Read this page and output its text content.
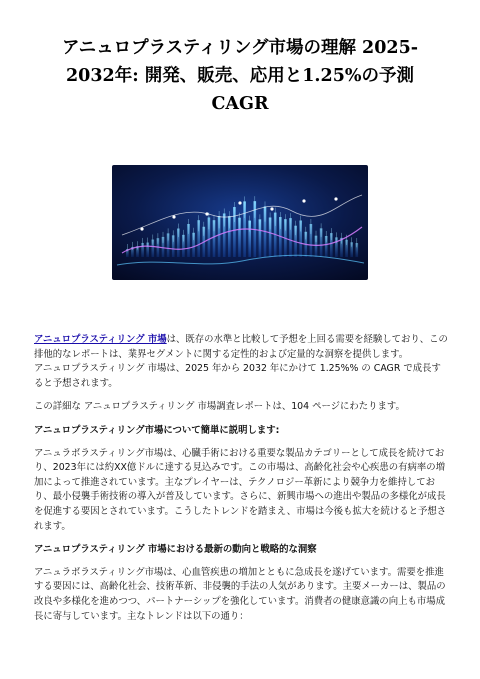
アニュロプラスティリング市場の理解 2025-2032年: 開発、販売、応用と1.25%の予測 CAGR

アニュロプラスティリング 市場は、既存の水準と比較して予想を上回る需要を経験しており、この排他的なレポートは、業界セグメントに関する定性的および定量的な洞察を提供します。
アニュロプラスティリング 市場は、2025 年から 2032 年にかけて 1.25%% の CAGR で成長すると予想されます。

この詳細な アニュロプラスティリング 市場調査レポートは、104 ページにわたります。

アニュロプラスティリング市場について簡単に説明します:

アニュラボラスティリング市場は、心臓手術における重要な製品カテゴリーとして成長を続けており、2023年には約XX億ドルに達する見込みです。この市場は、高齢化社会や心疾患の有病率の増加によって推進されています。主なプレイヤーは、テクノロジー革新により競争力を維持しており、最小侵襲手術技術の導入が普及しています。さらに、新興市場への進出や製品の多様化が成長を促進する要因とされています。こうしたトレンドを踏まえ、市場は今後も拡大を続けると予想されます。

アニュロプラスティリング 市場における最新の動向と戦略的な洞察

アニュラボラスティリング市場は、心血管疾患の増加とともに急成長を遂げています。需要を推進する要因には、高齢化社会、技術革新、非侵襲的手法の人気があります。主要メーカーは、製品の改良や多様化を進めつつ、パートナーシップを強化しています。消費者の健康意識の向上も市場成長に寄与しています。主なトレンドは以下の通り：
